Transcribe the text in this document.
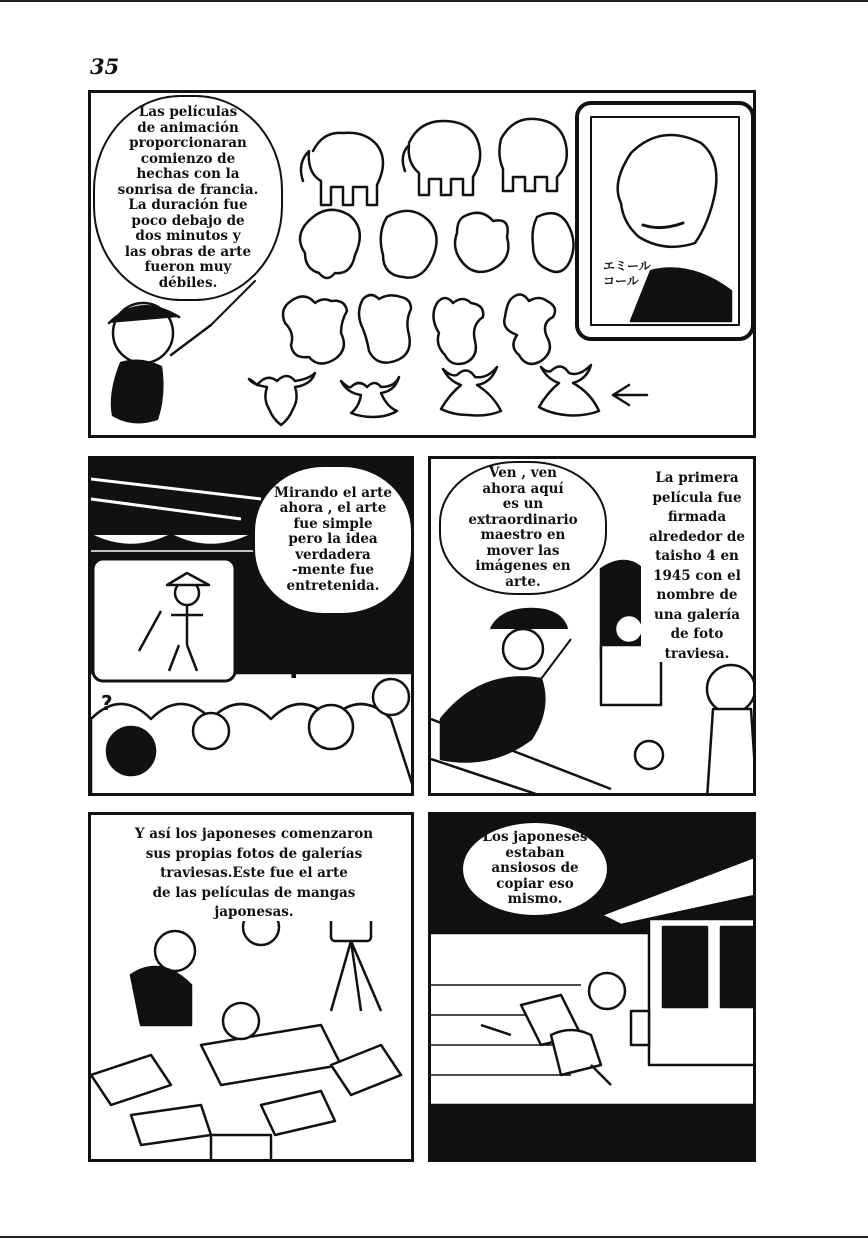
35
Las películas
de animación
proporcionaran
comienzo de
hechas con la
sonrisa de francia.
La duración fue
poco debajo de
dos minutos y
las obras de arte
fueron muy
débiles.
エミール
コール
?
?
?
Mirando el arte
ahora , el arte
fue simple
pero la idea
verdadera
-mente fue
entretenida.
Ven , ven
ahora aquí
es un
extraordinario
maestro en
mover las
imágenes en
arte.
La primera
película fue
firmada
alrededor de
taisho 4 en
1945 con el
nombre de
una galería
de foto
traviesa.
Y así los japoneses comenzaron
sus propias fotos de galerías
traviesas.Este fue el arte
de las películas de mangas
japonesas.
Los japoneses
estaban
ansiosos de
copiar eso
mismo.
